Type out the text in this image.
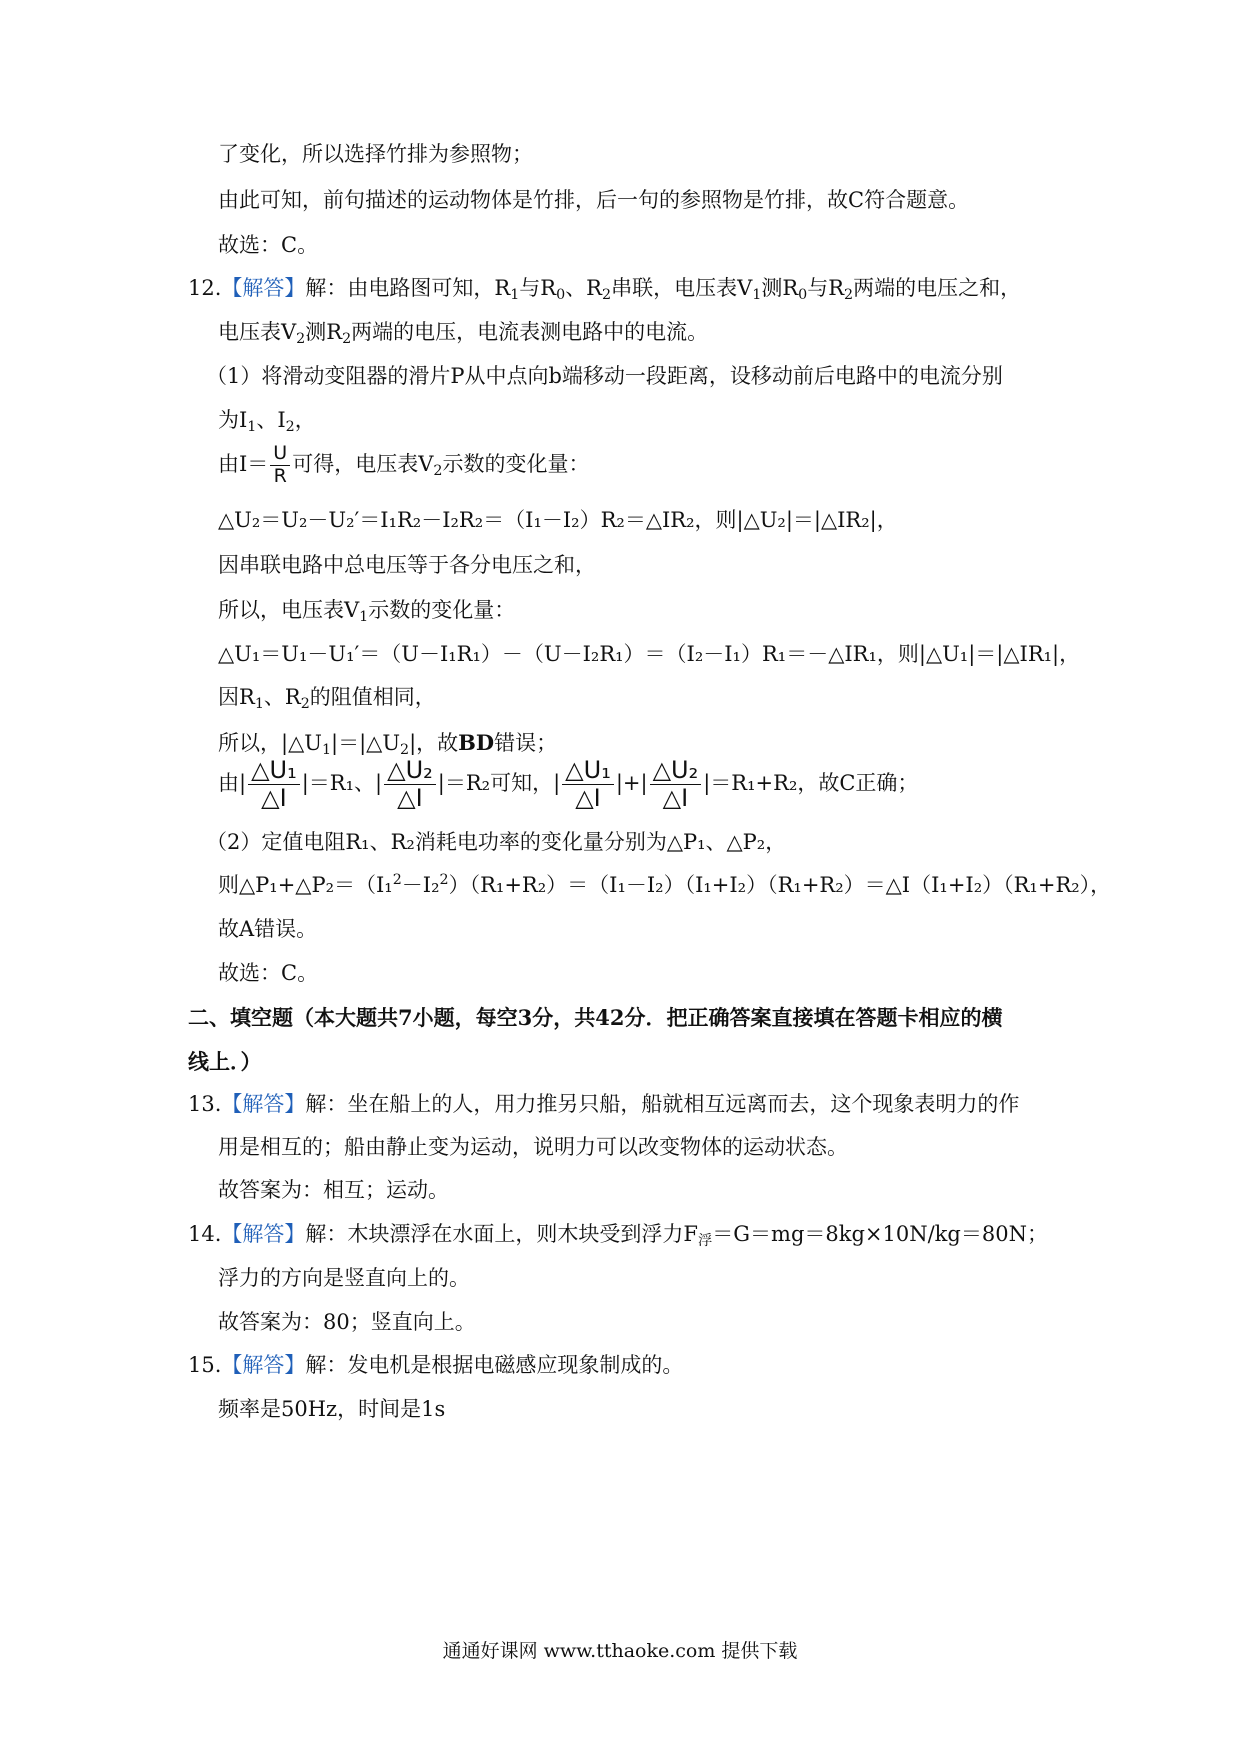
了变化，所以选择竹排为参照物；
由此可知，前句描述的运动物体是竹排，后一句的参照物是竹排，故C符合题意。
故选：C。
12.【解答】解：由电路图可知，$R_1$与$R_0$、$R_2$串联，电压表$V_1$测$R_0$与$R_2$两端的电压之和，
电压表$V_2$测$R_2$两端的电压，电流表测电路中的电流。
（1）将滑动变阻器的滑片P从中点向b端移动一段距离，设移动前后电路中的电流分别
为$I_1$、$I_2$，
由$I= \frac{U}{R}$ 可得，电压表$V_2$示数的变化量：
△U₂＝U₂－U₂′＝I₁R₂－I₂R₂＝（I₁－I₂）R₂＝△IR₂，则|△U₂|＝|△IR₂|，
因串联电路中总电压等于各分电压之和，
所以，电压表$V_1$示数的变化量：
△U₁＝U₁－U₁′＝（U－I₁R₁）－（U－I₂R₁）＝（I₂－I₁）R₁＝－△IR₁，则|△U₁|＝|△IR₁|，
因$R_1$、$R_2$的阻值相同，
所以，$|\triangle U_1|=|\triangle U_2|$，故BD错误；
由| $\frac{\text{△U₁}}{\triangle I} |=R_1$、| $\frac{\text{△U₂}}{\triangle I} |=R_2$可知，| $\frac{\text{△U₁}}{\triangle I}$ |+| $\frac{\text{△U₂}}{\triangle I} |=R_1+R_2$，故C正确；
（2）定值电阻R₁、R₂消耗电功率的变化量分别为△P₁、△P₂，
则△P₁+△P₂＝（I₁$^2$－I₂$^2$）（R₁+R₂）＝（I₁－I₂）（I₁+I₂）（R₁+R₂）＝△I（I₁+I₂）（R₁+R₂），
故A错误。
故选：C。
二、填空题（本大题共7小题，每空3分，共42分．把正确答案直接填在答题卡相应的横
线上．）
13.【解答】解：坐在船上的人，用力推另只船，船就相互远离而去，这个现象表明力的作
用是相互的；船由静止变为运动，说明力可以改变物体的运动状态。
故答案为：相互；运动。
14.【解答】解：木块漂浮在水面上，则木块受到浮力$F_浮=G=mg=8kg\times 10N/kg=80N$；
浮力的方向是竖直向上的。
故答案为：80；竖直向上。
15.【解答】解：发电机是根据电磁感应现象制成的。
频率是50Hz，时间是1s
通通好课网 www.tthaoke.com 提供下载
